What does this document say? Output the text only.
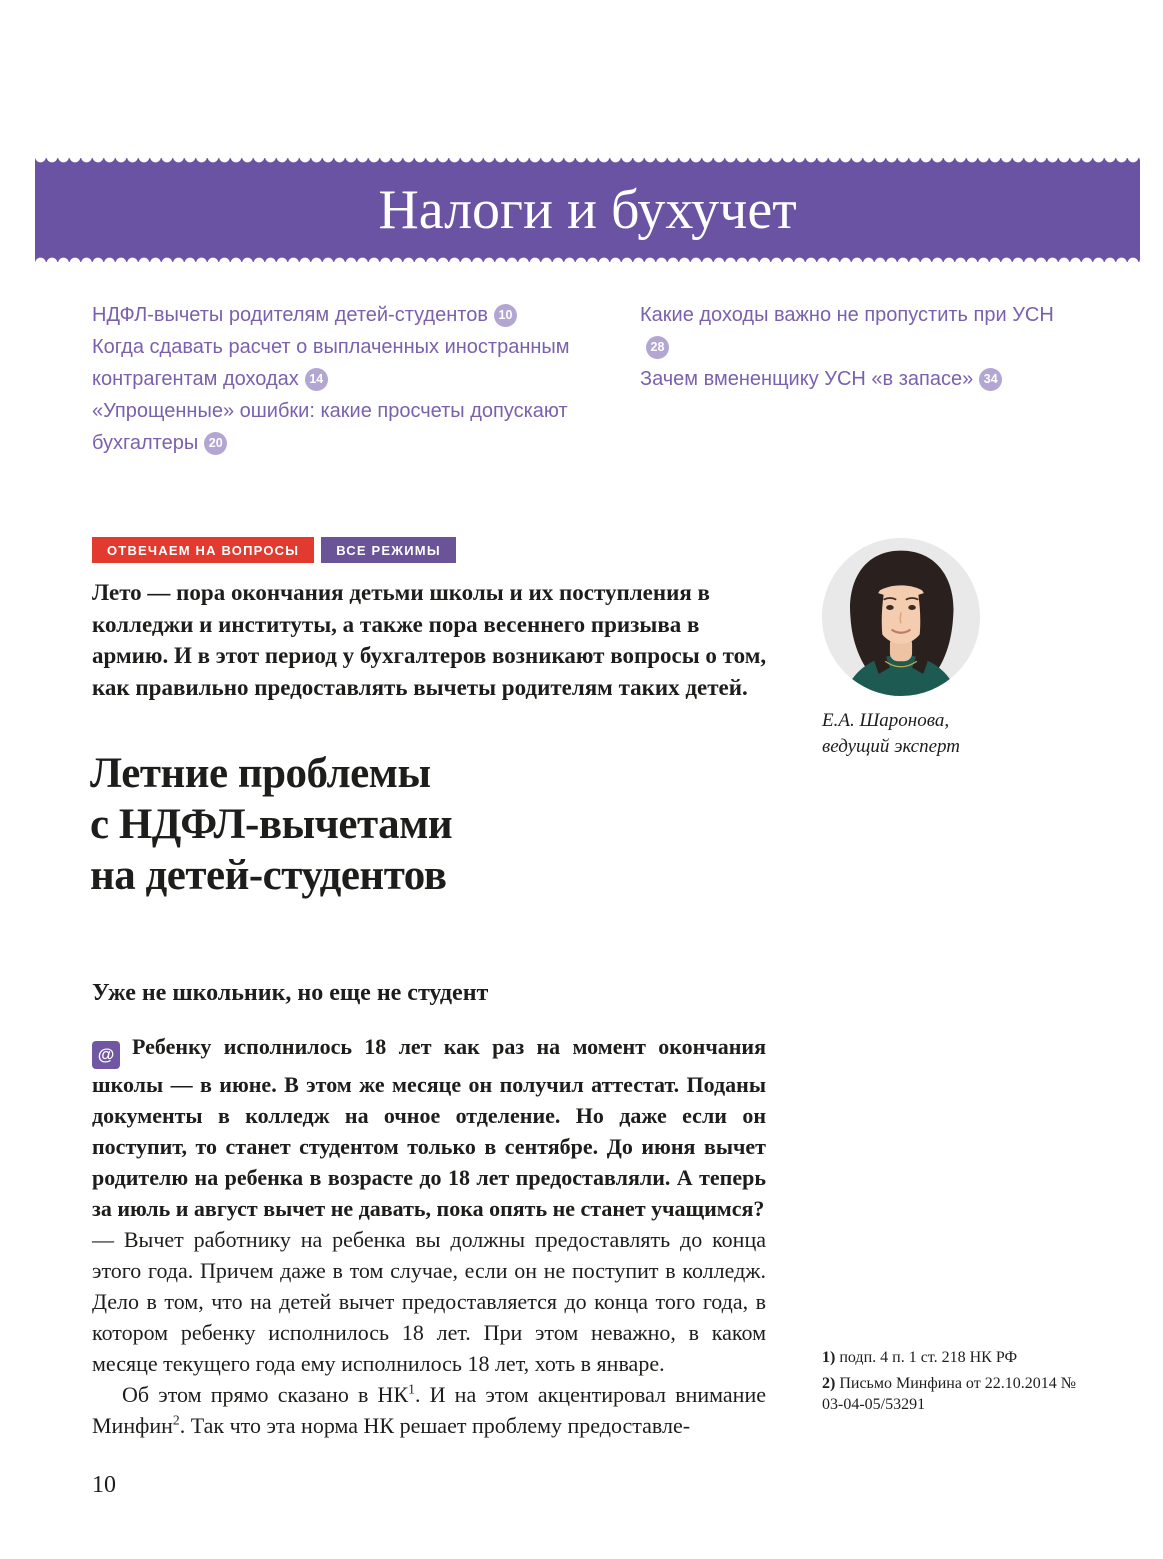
Налоги и бухучет
НДФЛ-вычеты родителям детей-студентов 10
Когда сдавать расчет о выплаченных иностранным контрагентам доходах 14
«Упрощенные» ошибки: какие просчеты допускают бухгалтеры 20
Какие доходы важно не пропустить при УСН28
Зачем вмененщику УСН «в запасе» 34
ОТВЕЧАЕМ НА ВОПРОСЫ	ВСЕ РЕЖИМЫ
Лето — пора окончания детьми школы и их поступления в колледжи и институты, а также пора весеннего призыва в армию. И в этот период у бухгалтеров возникают вопросы о том, как правильно предоставлять вычеты родителям таких детей.
Е.А. Шаронова,
ведущий эксперт
Летние проблемы
с НДФЛ-вычетами
на детей-студентов
Уже не школьник, но еще не студент

@ Ребенку исполнилось 18 лет как раз на момент окончания школы — в июне. В этом же месяце он получил аттестат. Поданы документы в колледж на очное отделение. Но даже если он поступит, то станет студентом только в сентябре. До июня вычет родителю на ребенка в возрасте до 18 лет предоставляли. А теперь за июль и август вычет не давать, пока опять не станет учащимся?

— Вычет работнику на ребенка вы должны предоставлять до конца этого года. Причем даже в том случае, если он не поступит в колледж. Дело в том, что на детей вычет предоставляется до конца того года, в котором ребенку исполнилось 18 лет. При этом неважно, в каком месяце текущего года ему исполнилось 18 лет, хоть в январе.

Об этом прямо сказано в $НК^1$. И на этом акцентировал внимание Минфин$^2$. Так что эта норма НК решает проблему предоставле-

1) подп. 4 п. 1 ст. 218 НК РФ
2) Письмо Минфина от 22.10.2014 № 03-04-05/53291
10
